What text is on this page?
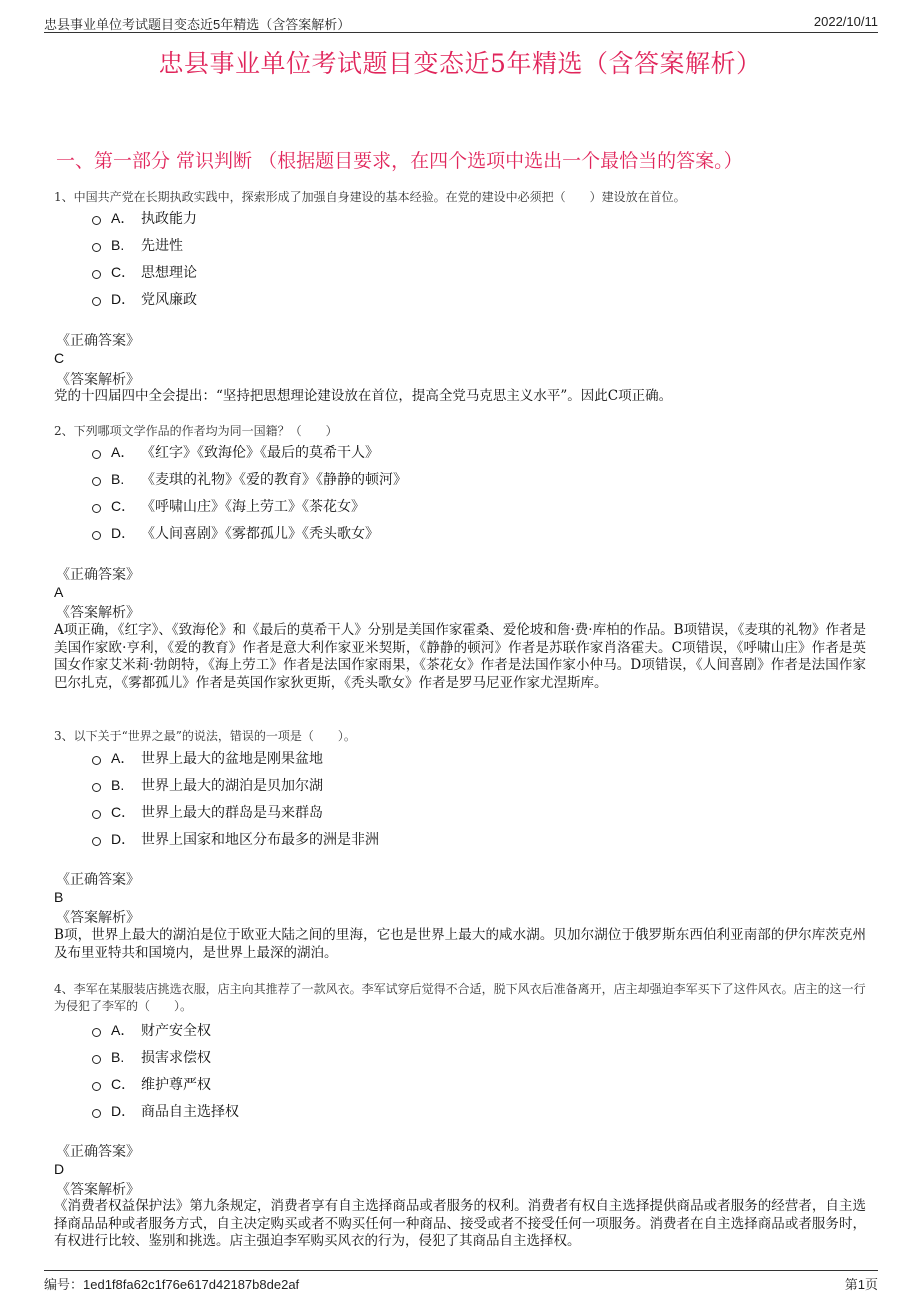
忠县事业单位考试题目变态近5年精选（含答案解析）	2022/10/11
忠县事业单位考试题目变态近5年精选（含答案解析）
一、第一部分 常识判断 （根据题目要求，在四个选项中选出一个最恰当的答案。）
1、中国共产党在长期执政实践中，探索形成了加强自身建设的基本经验。在党的建设中必须把（　　）建设放在首位。
A． 执政能力
B.	先进性
C． 思想理论
D． 党风廉政
《正确答案》
C
《答案解析》
党的十四届四中全会提出：“坚持把思想理论建设放在首位，提高全党马克思主义水平”。因此C项正确。
2、下列哪项文学作品的作者均为同一国籍？（　　）
A． 《红字》《致海伦》《最后的莫希干人》
B.	《麦琪的礼物》《爱的教育》《静静的顿河》
C． 《呼啸山庄》《海上劳工》《茶花女》
D． 《人间喜剧》《雾都孤儿》《秃头歌女》
《正确答案》
A
《答案解析》
A项正确，《红字》、《致海伦》和《最后的莫希干人》分别是美国作家霍桑、爱伦坡和詹·费·库柏的作品。B项错误，《麦琪的礼物》作者是美国作家欧·亨利，《爱的教育》作者是意大利作家亚米契斯，《静静的顿河》作者是苏联作家肖洛霍夫。C项错误，《呼啸山庄》作者是英国女作家艾米莉·勃朗特，《海上劳工》作者是法国作家雨果，《茶花女》作者是法国作家小仲马。D项错误，《人间喜剧》作者是法国作家巴尔扎克，《雾都孤儿》作者是英国作家狄更斯，《秃头歌女》作者是罗马尼亚作家尤涅斯库。
3、以下关于“世界之最”的说法，错误的一项是（　　）。
A． 世界上最大的盆地是刚果盆地
B.	世界上最大的湖泊是贝加尔湖
C． 世界上最大的群岛是马来群岛
D． 世界上国家和地区分布最多的洲是非洲
《正确答案》
B
《答案解析》
B项，世界上最大的湖泊是位于欧亚大陆之间的里海，它也是世界上最大的咸水湖。贝加尔湖位于俄罗斯东西伯利亚南部的伊尔库茨克州及布里亚特共和国境内，是世界上最深的湖泊。
4、李军在某服装店挑选衣服，店主向其推荐了一款风衣。李军试穿后觉得不合适，脱下风衣后准备离开，店主却强迫李军买下了这件风衣。店主的这一行为侵犯了李军的（　　）。
A． 财产安全权
B.	损害求偿权
C． 维护尊严权
D． 商品自主选择权
《正确答案》
D
《答案解析》
《消费者权益保护法》第九条规定，消费者享有自主选择商品或者服务的权利。消费者有权自主选择提供商品或者服务的经营者，自主选择商品品种或者服务方式，自主决定购买或者不购买任何一种商品、接受或者不接受任何一项服务。消费者在自主选择商品或者服务时，有权进行比较、鉴别和挑选。店主强迫李军购买风衣的行为，侵犯了其商品自主选择权。
编号：1ed1f8fa62c1f76e617d42187b8de2af	第1页
